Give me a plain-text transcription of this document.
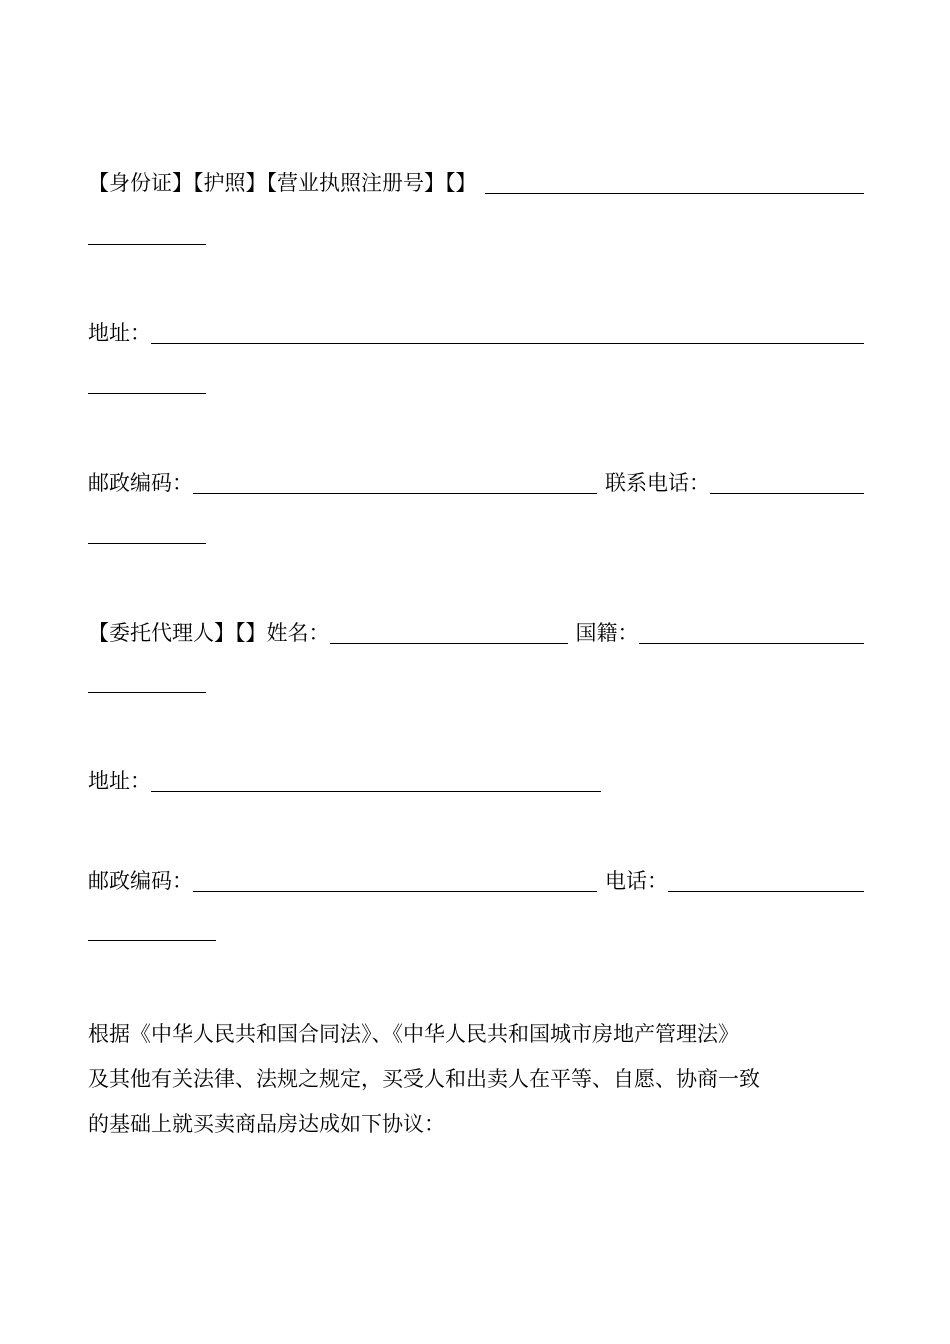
【身份证】【护照】【营业执照注册号】【】
地址：
邮政编码：	联系电话：
【委托代理人】【】姓名：	国籍：
地址：
邮政编码：	电话：
根据《中华人民共和国合同法》、《中华人民共和国城市房地产管理法》
及其他有关法律、法规之规定，买受人和出卖人在平等、自愿、协商一致
的基础上就买卖商品房达成如下协议：
